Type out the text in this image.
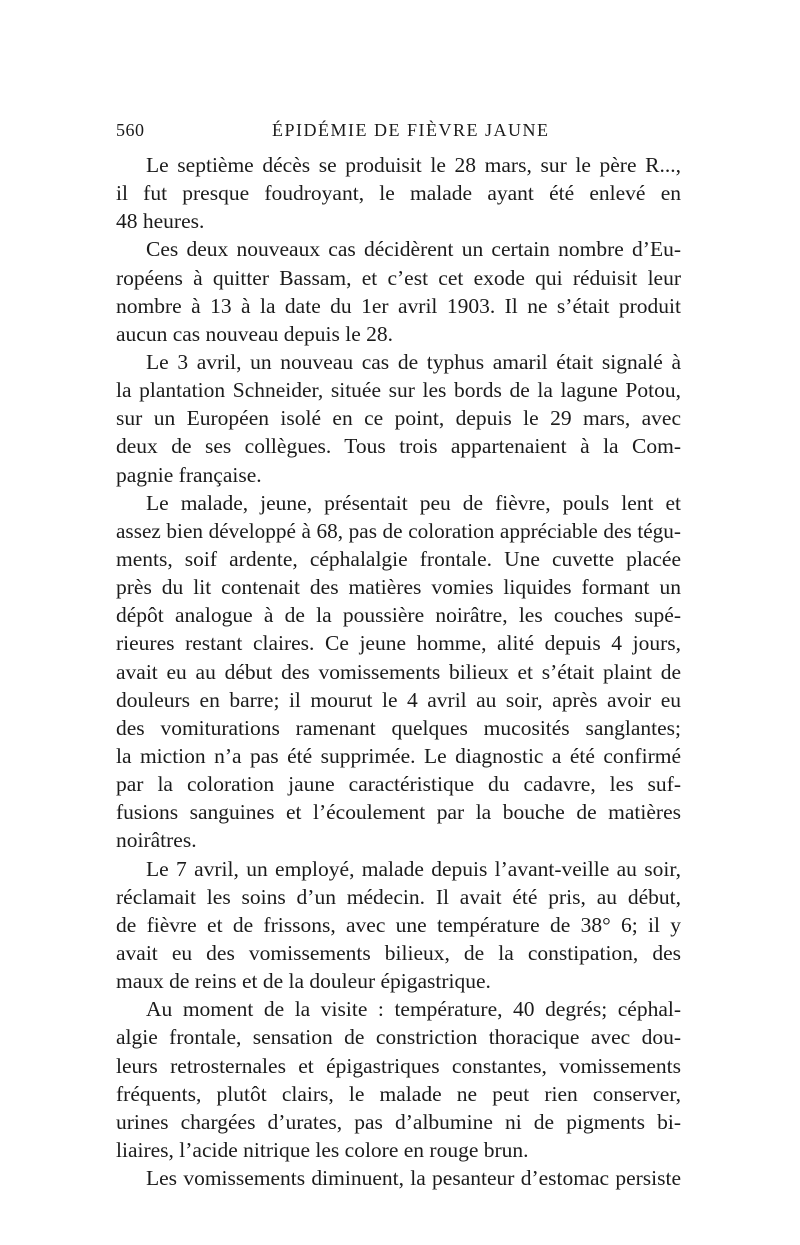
560	ÉPIDÉMIE DE FIÈVRE JAUNE
Le septième décès se produisit le 28 mars, sur le père R...,
il fut presque foudroyant, le malade ayant été enlevé en
48 heures.
Ces deux nouveaux cas décidèrent un certain nombre d’Eu-
ropéens à quitter Bassam, et c’est cet exode qui réduisit leur
nombre à 13 à la date du 1er avril 1903. Il ne s’était produit
aucun cas nouveau depuis le 28.
Le 3 avril, un nouveau cas de typhus amaril était signalé à
la plantation Schneider, située sur les bords de la lagune Potou,
sur un Européen isolé en ce point, depuis le 29 mars, avec
deux de ses collègues. Tous trois appartenaient à la Com-
pagnie française.
Le malade, jeune, présentait peu de fièvre, pouls lent et
assez bien développé à 68, pas de coloration appréciable des tégu-
ments, soif ardente, céphalalgie frontale. Une cuvette placée
près du lit contenait des matières vomies liquides formant un
dépôt analogue à de la poussière noirâtre, les couches supé-
rieures restant claires. Ce jeune homme, alité depuis 4 jours,
avait eu au début des vomissements bilieux et s’était plaint de
douleurs en barre; il mourut le 4 avril au soir, après avoir eu
des vomiturations ramenant quelques mucosités sanglantes;
la miction n’a pas été supprimée. Le diagnostic a été confirmé
par la coloration jaune caractéristique du cadavre, les suf-
fusions sanguines et l’écoulement par la bouche de matières
noirâtres.
Le 7 avril, un employé, malade depuis l’avant-veille au soir,
réclamait les soins d’un médecin. Il avait été pris, au début,
de fièvre et de frissons, avec une température de 38° 6; il y
avait eu des vomissements bilieux, de la constipation, des
maux de reins et de la douleur épigastrique.
Au moment de la visite : température, 40 degrés; céphal-
algie frontale, sensation de constriction thoracique avec dou-
leurs retrosternales et épigastriques constantes, vomissements
fréquents, plutôt clairs, le malade ne peut rien conserver,
urines chargées d’urates, pas d’albumine ni de pigments bi-
liaires, l’acide nitrique les colore en rouge brun.
Les vomissements diminuent, la pesanteur d’estomac persiste
